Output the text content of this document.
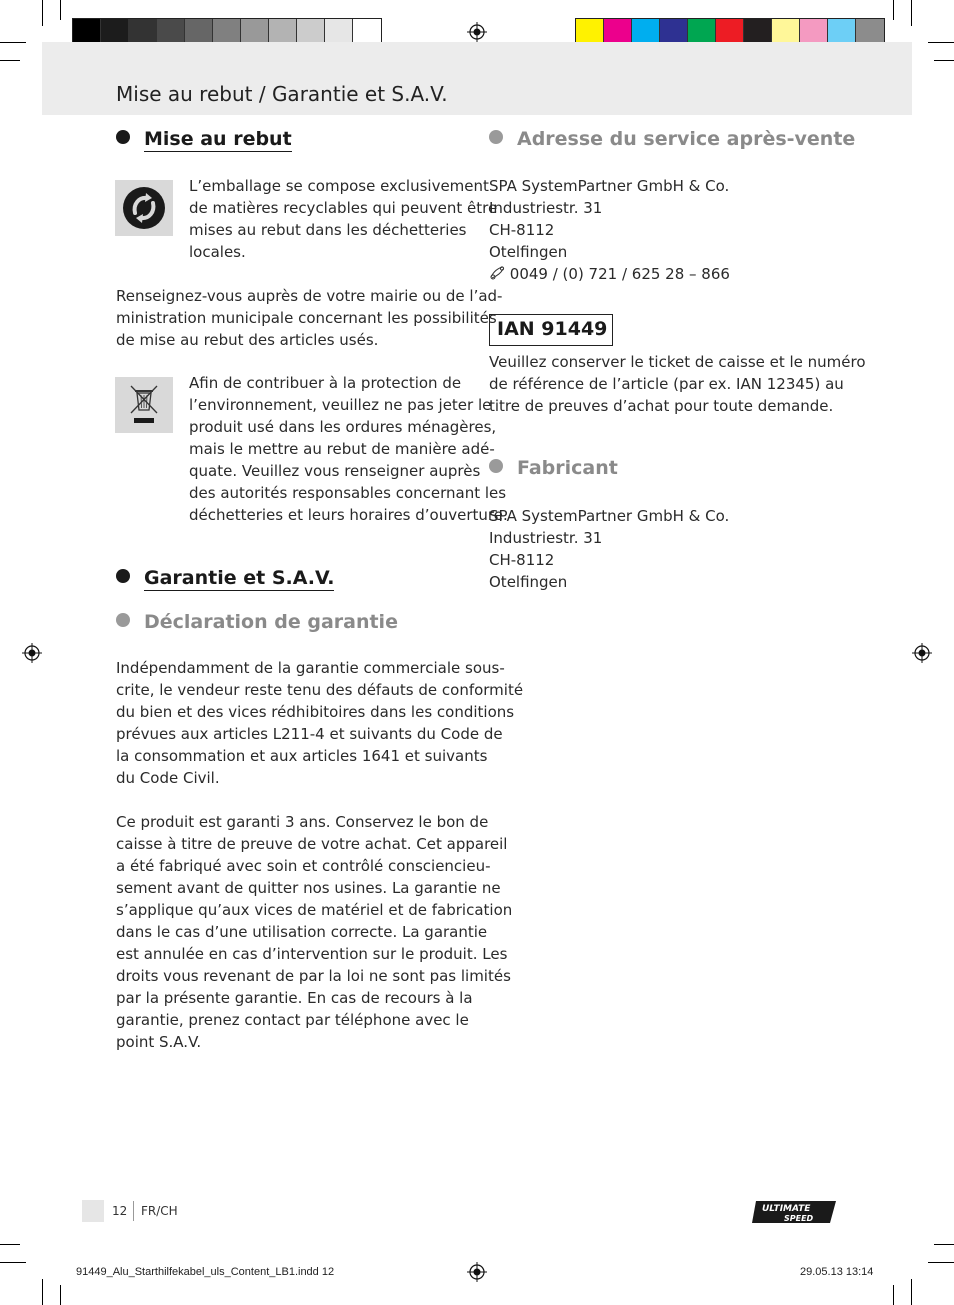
Mise au rebut / Garantie et S.A.V.
Mise au rebut
L’emballage se compose exclusivement
de matières recyclables qui peuvent être
mises au rebut dans les déchetteries
locales.
Renseignez-vous auprès de votre mairie ou de l’ad-
ministration municipale concernant les possibilités
de mise au rebut des articles usés.
Afin de contribuer à la protection de
l’environnement, veuillez ne pas jeter le
produit usé dans les ordures ménagères,
mais le mettre au rebut de manière adé-
quate. Veuillez vous renseigner auprès
des autorités responsables concernant les
déchetteries et leurs horaires d’ouverture.
Garantie et S.A.V.
Déclaration de garantie
Indépendamment de la garantie commerciale sous-
crite, le vendeur reste tenu des défauts de conformité
du bien et des vices rédhibitoires dans les conditions
prévues aux articles L211-4 et suivants du Code de
la consommation et aux articles 1641 et suivants
du Code Civil.
Ce produit est garanti 3 ans. Conservez le bon de
caisse à titre de preuve de votre achat. Cet appareil
a été fabriqué avec soin et contrôlé consciencieu-
sement avant de quitter nos usines. La garantie ne
s’applique qu’aux vices de matériel et de fabrication
dans le cas d’une utilisation correcte. La garantie
est annulée en cas d’intervention sur le produit. Les
droits vous revenant de par la loi ne sont pas limités
par la présente garantie. En cas de recours à la
garantie, prenez contact par téléphone avec le
point S.A.V.
Adresse du service après-vente
SPA SystemPartner GmbH & Co.
Industriestr. 31
CH-8112
Otelfingen
0049 / (0) 721 / 625 28 – 866
IAN 91449
Veuillez conserver le ticket de caisse et le numéro
de référence de l’article (par ex. IAN 12345) au
titre de preuves d’achat pour toute demande.
Fabricant
SPA SystemPartner GmbH & Co.
Industriestr. 31
CH-8112
Otelfingen
12 FR/CH	ULTIMATE
SPEED
91449_Alu_Starthilfekabel_uls_Content_LB1.indd 12	29.05.13 13:14
